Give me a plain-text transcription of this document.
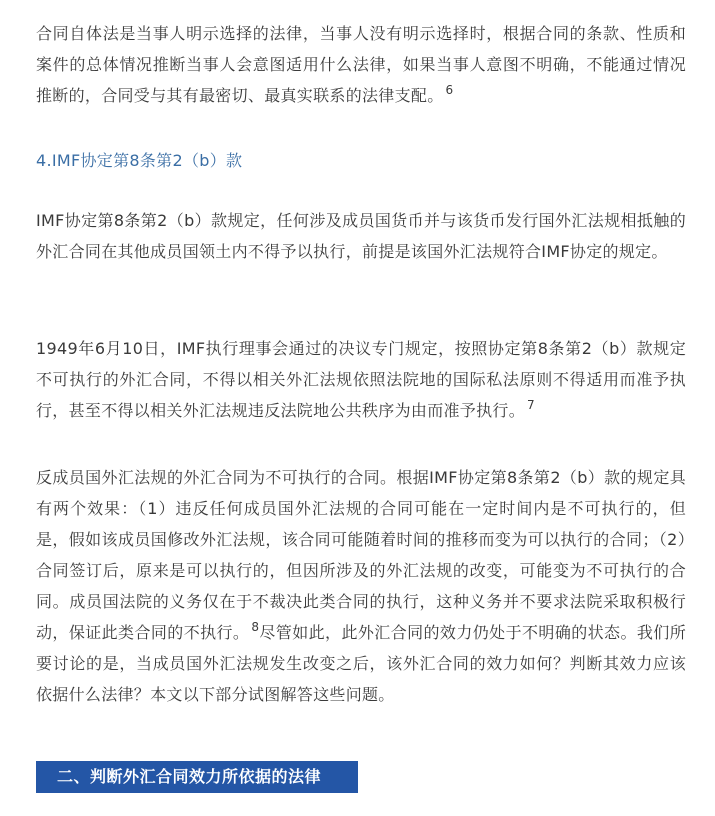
合同自体法是当事人明示选择的法律，当事人没有明示选择时，根据合同的条款、性质和案件的总体情况推断当事人会意图适用什么法律，如果当事人意图不明确，不能通过情况推断的，合同受与其有最密切、最真实联系的法律支配。 $^6$

4.IMF协定第8条第2（b）款

IMF协定第8条第2（b）款规定，任何涉及成员国货币并与该货币发行国外汇法规相抵触的外汇合同在其他成员国领土内不得予以执行，前提是该国外汇法规符合IMF协定的规定。

1949年6月10日，IMF执行理事会通过的决议专门规定，按照协定第8条第2（b）款规定不可执行的外汇合同，不得以相关外汇法规依照法院地的国际私法原则不得适用而准予执行，甚至不得以相关外汇法规违反法院地公共秩序为由而准予执行。 $^7$

反成员国外汇法规的外汇合同为不可执行的合同。根据IMF协定第8条第2（b）款的规定具有两个效果：（1）违反任何成员国外汇法规的合同可能在一定时间内是不可执行的，但是，假如该成员国修改外汇法规，该合同可能随着时间的推移而变为可以执行的合同；（2）合同签订后，原来是可以执行的，但因所涉及的外汇法规的改变，可能变为不可执行的合同。成员国法院的义务仅在于不裁决此类合同的执行，这种义务并不要求法院采取积极行动，保证此类合同的不执行。 $^8$尽管如此，此外汇合同的效力仍处于不明确的状态。我们所要讨论的是，当成员国外汇法规发生改变之后，该外汇合同的效力如何？判断其效力应该依据什么法律？本文以下部分试图解答这些问题。

二、判断外汇合同效力所依据的法律
